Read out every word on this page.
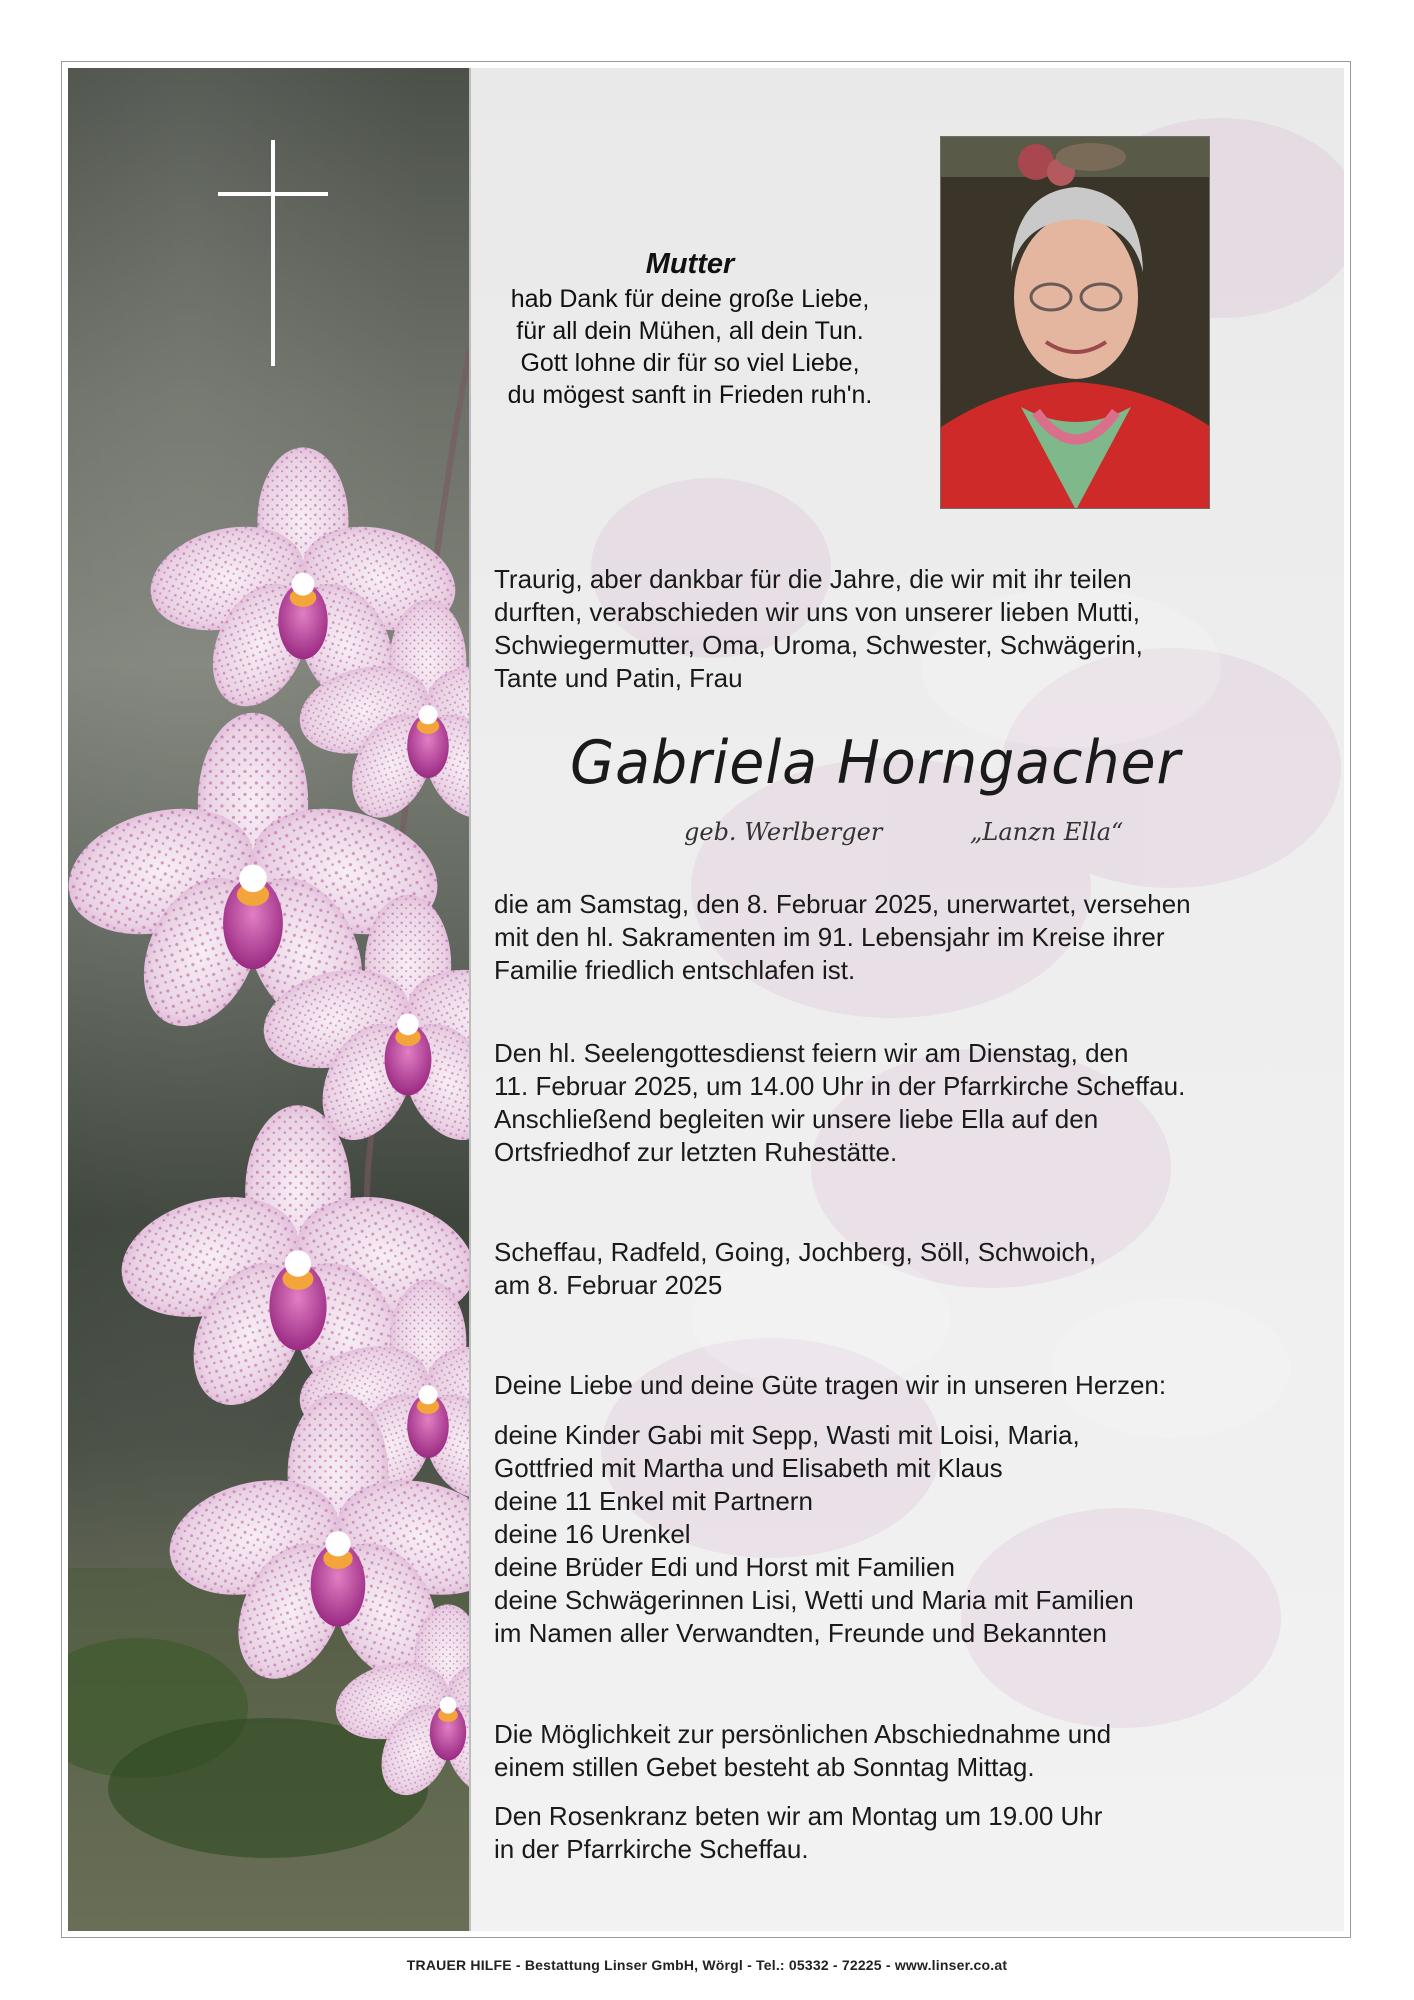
Mutter
hab Dank für deine große Liebe,
für all dein Mühen, all dein Tun.
Gott lohne dir für so viel Liebe,
du mögest sanft in Frieden ruh'n.
Traurig, aber dankbar für die Jahre, die wir mit ihr teilen
durften, verabschieden wir uns von unserer lieben Mutti,
Schwiegermutter, Oma, Uroma, Schwester, Schwägerin,
Tante und Patin, Frau
Gabriela Horngacher
geb. Werlberger	„Lanzn Ella“
die am Samstag, den 8. Februar 2025, unerwartet, versehen
mit den hl. Sakramenten im 91. Lebensjahr im Kreise ihrer
Familie friedlich entschlafen ist.
Den hl. Seelengottesdienst feiern wir am Dienstag, den
11. Februar 2025, um 14.00 Uhr in der Pfarrkirche Scheffau.
Anschließend begleiten wir unsere liebe Ella auf den
Ortsfriedhof zur letzten Ruhestätte.
Scheffau, Radfeld, Going, Jochberg, Söll, Schwoich,
am 8. Februar 2025
Deine Liebe und deine Güte tragen wir in unseren Herzen:
deine Kinder Gabi mit Sepp, Wasti mit Loisi, Maria,
Gottfried mit Martha und Elisabeth mit Klaus
deine 11 Enkel mit Partnern
deine 16 Urenkel
deine Brüder Edi und Horst mit Familien
deine Schwägerinnen Lisi, Wetti und Maria mit Familien
im Namen aller Verwandten, Freunde und Bekannten
Die Möglichkeit zur persönlichen Abschiednahme und
einem stillen Gebet besteht ab Sonntag Mittag.
Den Rosenkranz beten wir am Montag um 19.00 Uhr
in der Pfarrkirche Scheffau.
TRAUER HILFE - Bestattung Linser GmbH, Wörgl - Tel.: 05332 - 72225 - www.linser.co.at
